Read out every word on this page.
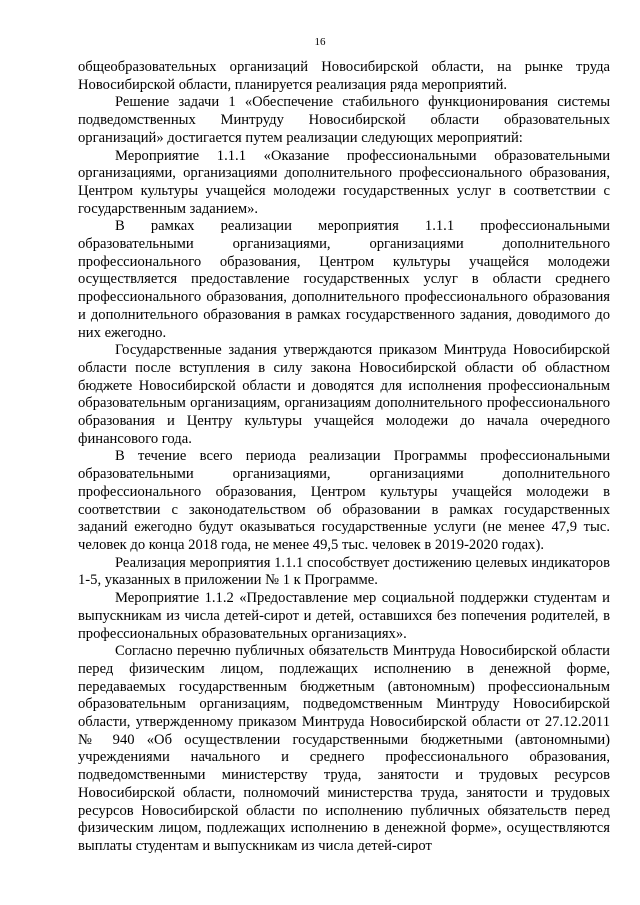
16

общеобразовательных организаций Новосибирской области, на рынке труда Новосибирской области, планируется реализация ряда мероприятий.

Решение задачи 1 «Обеспечение стабильного функционирования системы подведомственных Минтруду Новосибирской области образовательных организаций» достигается путем реализации следующих мероприятий:

Мероприятие 1.1.1 «Оказание профессиональными образовательными организациями, организациями дополнительного профессионального образования, Центром культуры учащейся молодежи государственных услуг в соответствии с государственным заданием».

В рамках реализации мероприятия 1.1.1 профессиональными образовательными организациями, организациями дополнительного профессионального образования, Центром культуры учащейся молодежи осуществляется предоставление государственных услуг в области среднего профессионального образования, дополнительного профессионального образования и дополнительного образования в рамках государственного задания, доводимого до них ежегодно.

Государственные задания утверждаются приказом Минтруда Новосибирской области после вступления в силу закона Новосибирской области об областном бюджете Новосибирской области и доводятся для исполнения профессиональным образовательным организациям, организациям дополнительного профессионального образования и Центру культуры учащейся молодежи до начала очередного финансового года.

В течение всего периода реализации Программы профессиональными образовательными организациями, организациями дополнительного профессионального образования, Центром культуры учащейся молодежи в соответствии с законодательством об образовании в рамках государственных заданий ежегодно будут оказываться государственные услуги (не менее 47,9 тыс. человек до конца 2018 года, не менее 49,5 тыс. человек в 2019-2020 годах).

Реализация мероприятия 1.1.1 способствует достижению целевых индикаторов 1-5, указанных в приложении № 1 к Программе.

Мероприятие 1.1.2 «Предоставление мер социальной поддержки студентам и выпускникам из числа детей-сирот и детей, оставшихся без попечения родителей, в профессиональных образовательных организациях».

Согласно перечню публичных обязательств Минтруда Новосибирской области перед физическим лицом, подлежащих исполнению в денежной форме, передаваемых государственным бюджетным (автономным) профессиональным образовательным организациям, подведомственным Минтруду Новосибирской области, утвержденному приказом Минтруда Новосибирской области от 27.12.2011 № 940 «Об осуществлении государственными бюджетными (автономными) учреждениями начального и среднего профессионального образования, подведомственными министерству труда, занятости и трудовых ресурсов Новосибирской области, полномочий министерства труда, занятости и трудовых ресурсов Новосибирской области по исполнению публичных обязательств перед физическим лицом, подлежащих исполнению в денежной форме», осуществляются выплаты студентам и выпускникам из числа детей-сирот
